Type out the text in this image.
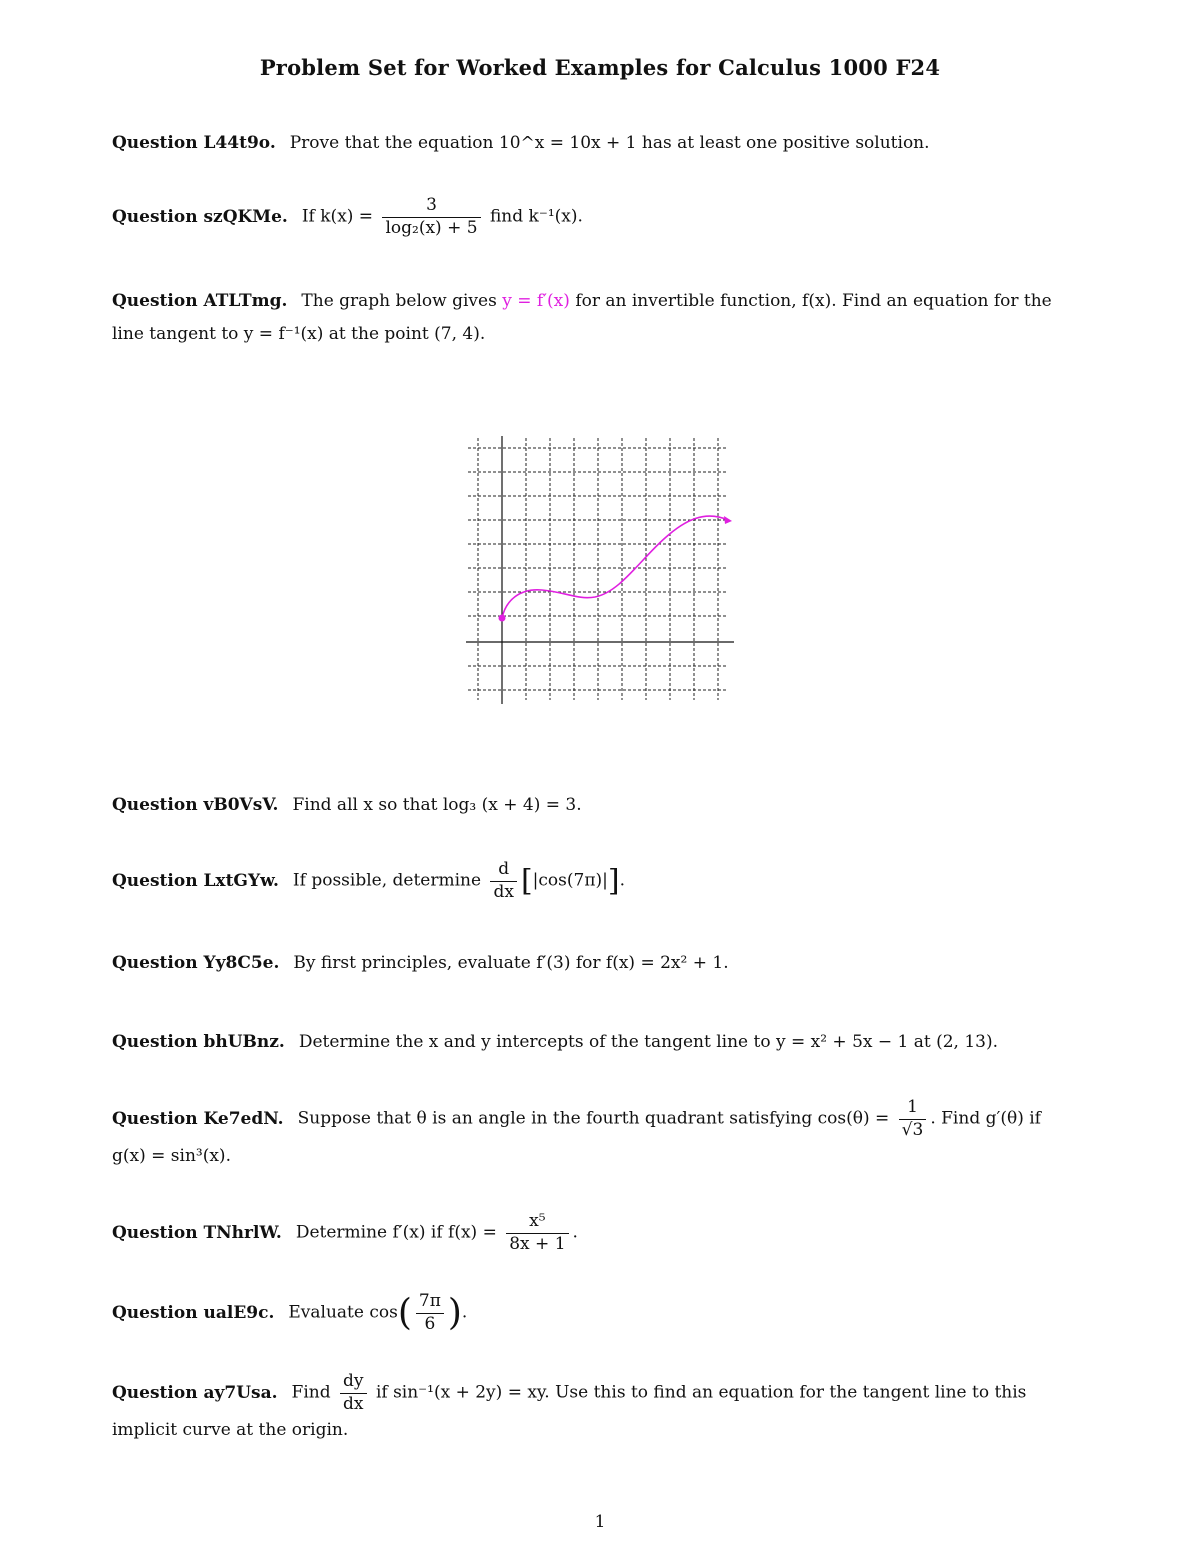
Problem Set for Worked Examples for Calculus 1000 F24
Question L44t9o. Prove that the equation 10^x = 10x + 1 has at least one positive solution.
Question szQKMe. If $k(x) = \frac{3}{\text{log₂(x) + 5}}$ find k⁻¹(x).
Question ATLTmg. The graph below gives y = f′(x) for an invertible function, f(x). Find an equation for the
line tangent to y = f⁻¹(x) at the point (7, 4).
Question vB0VsV. Find all x so that log₃ (x + 4) = 3.
Question LxtGYw. If possible, determine $\frac{d}{dx} [|\cos(7\pi)|]$.
Question Yy8C5e. By first principles, evaluate f′(3) for f(x) = 2x² + 1.
Question bhUBnz. Determine the x and y intercepts of the tangent line to y = x² + 5x − 1 at (2, 13).
Question Ke7edN. Suppose that θ is an angle in the fourth quadrant satisfying $\cos(\theta) = \frac{1}{√3}$ . Find g′(θ) if
g(x) = sin³(x).
Question TNhrlW. Determine f′(x) if $f(x) = \frac{\text{x⁵}}{8x + 1}$ .
Question ualE9c. Evaluate $\cos( \frac{7\pi}{6}$ ).
Question ay7Usa. Find $\frac{dy}{dx}$ if sin⁻¹(x + 2y) = xy. Use this to find an equation for the tangent line to this
implicit curve at the origin.
1
